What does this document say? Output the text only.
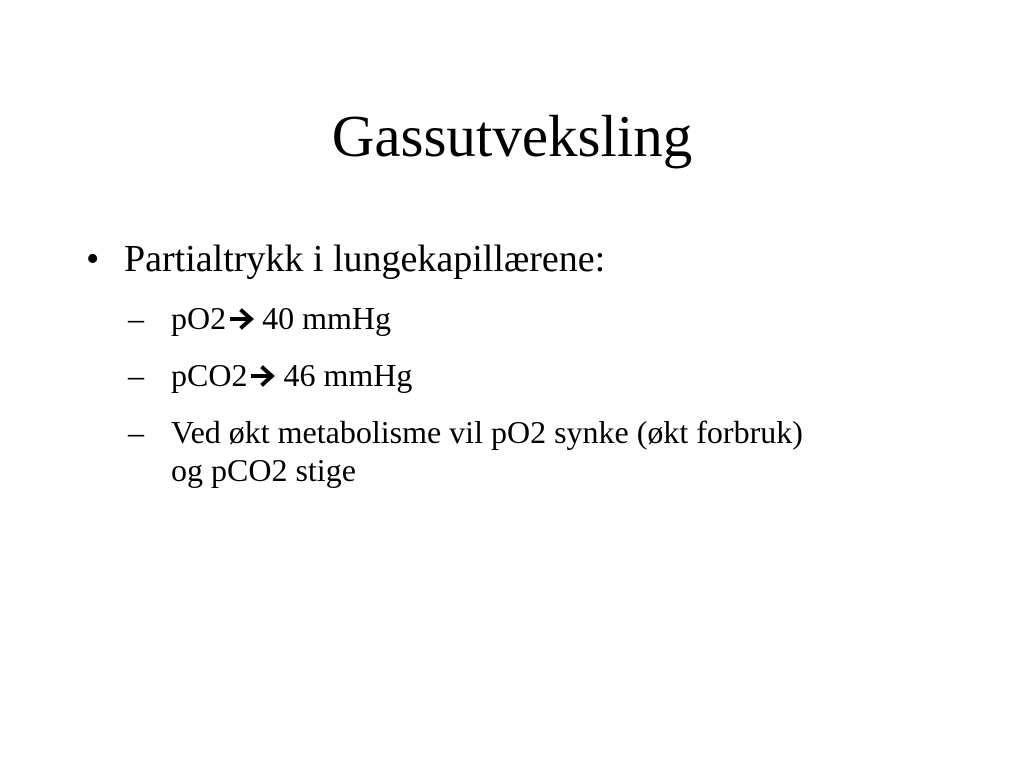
Gassutveksling
• Partialtrykk i lungekapillærene:
– pO2 40 mmHg
– pCO2 46 mmHg
– Ved økt metabolisme vil pO2 synke (økt forbruk) og pCO2 stige
